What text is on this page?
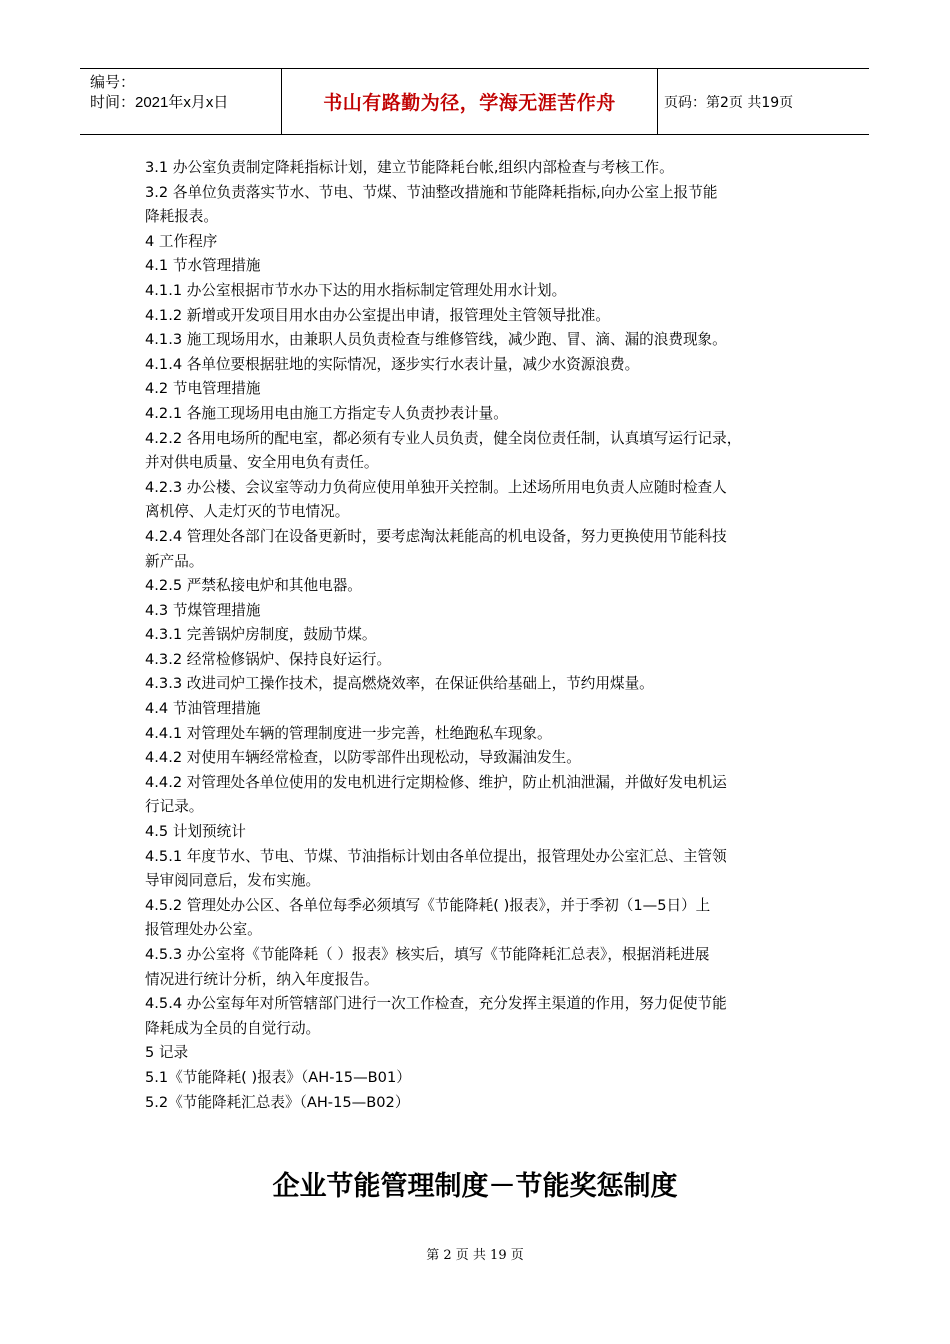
编号：
时间：2021年x月x日	书山有路勤为径，学海无涯苦作舟	页码：第2页 共19页
3.1 办公室负责制定降耗指标计划，建立节能降耗台帐,组织内部检查与考核工作。
3.2 各单位负责落实节水、节电、节煤、节油整改措施和节能降耗指标,向办公室上报节能
降耗报表。
4 工作程序
4.1 节水管理措施
4.1.1 办公室根据市节水办下达的用水指标制定管理处用水计划。
4.1.2 新增或开发项目用水由办公室提出申请，报管理处主管领导批准。
4.1.3 施工现场用水，由兼职人员负责检查与维修管线，减少跑、冒、滴、漏的浪费现象。
4.1.4 各单位要根据驻地的实际情况，逐步实行水表计量，减少水资源浪费。
4.2 节电管理措施
4.2.1 各施工现场用电由施工方指定专人负责抄表计量。
4.2.2 各用电场所的配电室，都必须有专业人员负责，健全岗位责任制，认真填写运行记录，
并对供电质量、安全用电负有责任。
4.2.3 办公楼、会议室等动力负荷应使用单独开关控制。上述场所用电负责人应随时检查人
离机停、人走灯灭的节电情况。
4.2.4 管理处各部门在设备更新时，要考虑淘汰耗能高的机电设备，努力更换使用节能科技
新产品。
4.2.5 严禁私接电炉和其他电器。
4.3 节煤管理措施
4.3.1 完善锅炉房制度，鼓励节煤。
4.3.2 经常检修锅炉、保持良好运行。
4.3.3 改进司炉工操作技术，提高燃烧效率，在保证供给基础上，节约用煤量。
4.4 节油管理措施
4.4.1 对管理处车辆的管理制度进一步完善，杜绝跑私车现象。
4.4.2 对使用车辆经常检查，以防零部件出现松动，导致漏油发生。
4.4.2 对管理处各单位使用的发电机进行定期检修、维护，防止机油泄漏，并做好发电机运
行记录。
4.5 计划预统计
4.5.1 年度节水、节电、节煤、节油指标计划由各单位提出，报管理处办公室汇总、主管领
导审阅同意后，发布实施。
4.5.2 管理处办公区、各单位每季必须填写《节能降耗( )报表》，并于季初（1—5日）上
报管理处办公室。
4.5.3 办公室将《节能降耗（ ）报表》核实后，填写《节能降耗汇总表》，根据消耗进展
情况进行统计分析，纳入年度报告。
4.5.4 办公室每年对所管辖部门进行一次工作检查，充分发挥主渠道的作用，努力促使节能
降耗成为全员的自觉行动。
5 记录
5.1《节能降耗( )报表》（AH-15—B01）
5.2《节能降耗汇总表》（AH-15—B02）
企业节能管理制度－节能奖惩制度
第 2 页 共 19 页
